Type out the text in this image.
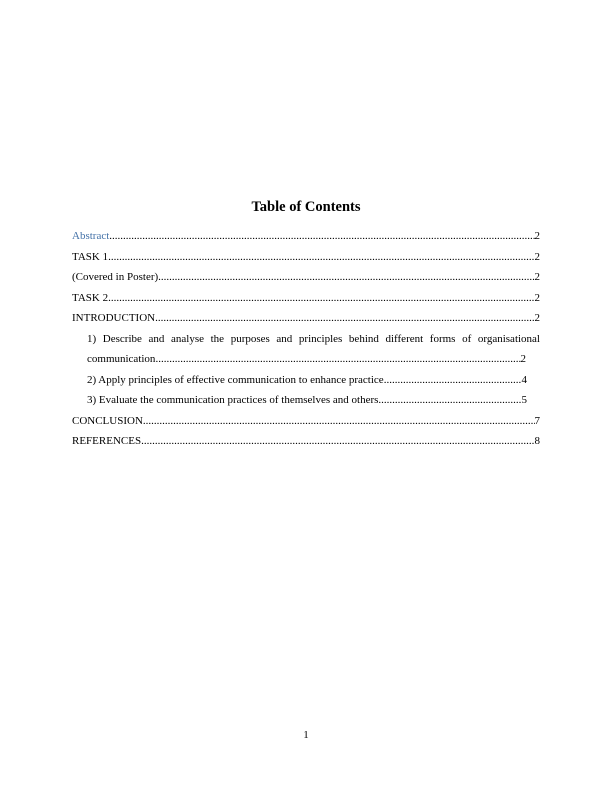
Table of Contents
Abstract .....	2
TASK 1 .....	2
(Covered in Poster) .....	2
TASK 2 .....	2
INTRODUCTION .....	2
1) Describe and analyse the purposes and principles behind different forms of organisational
communication .....	2
2) Apply principles of effective communication to enhance practice .....	4
3) Evaluate the communication practices of themselves and others .....	5
CONCLUSION .....	7
REFERENCES .....	8
1
